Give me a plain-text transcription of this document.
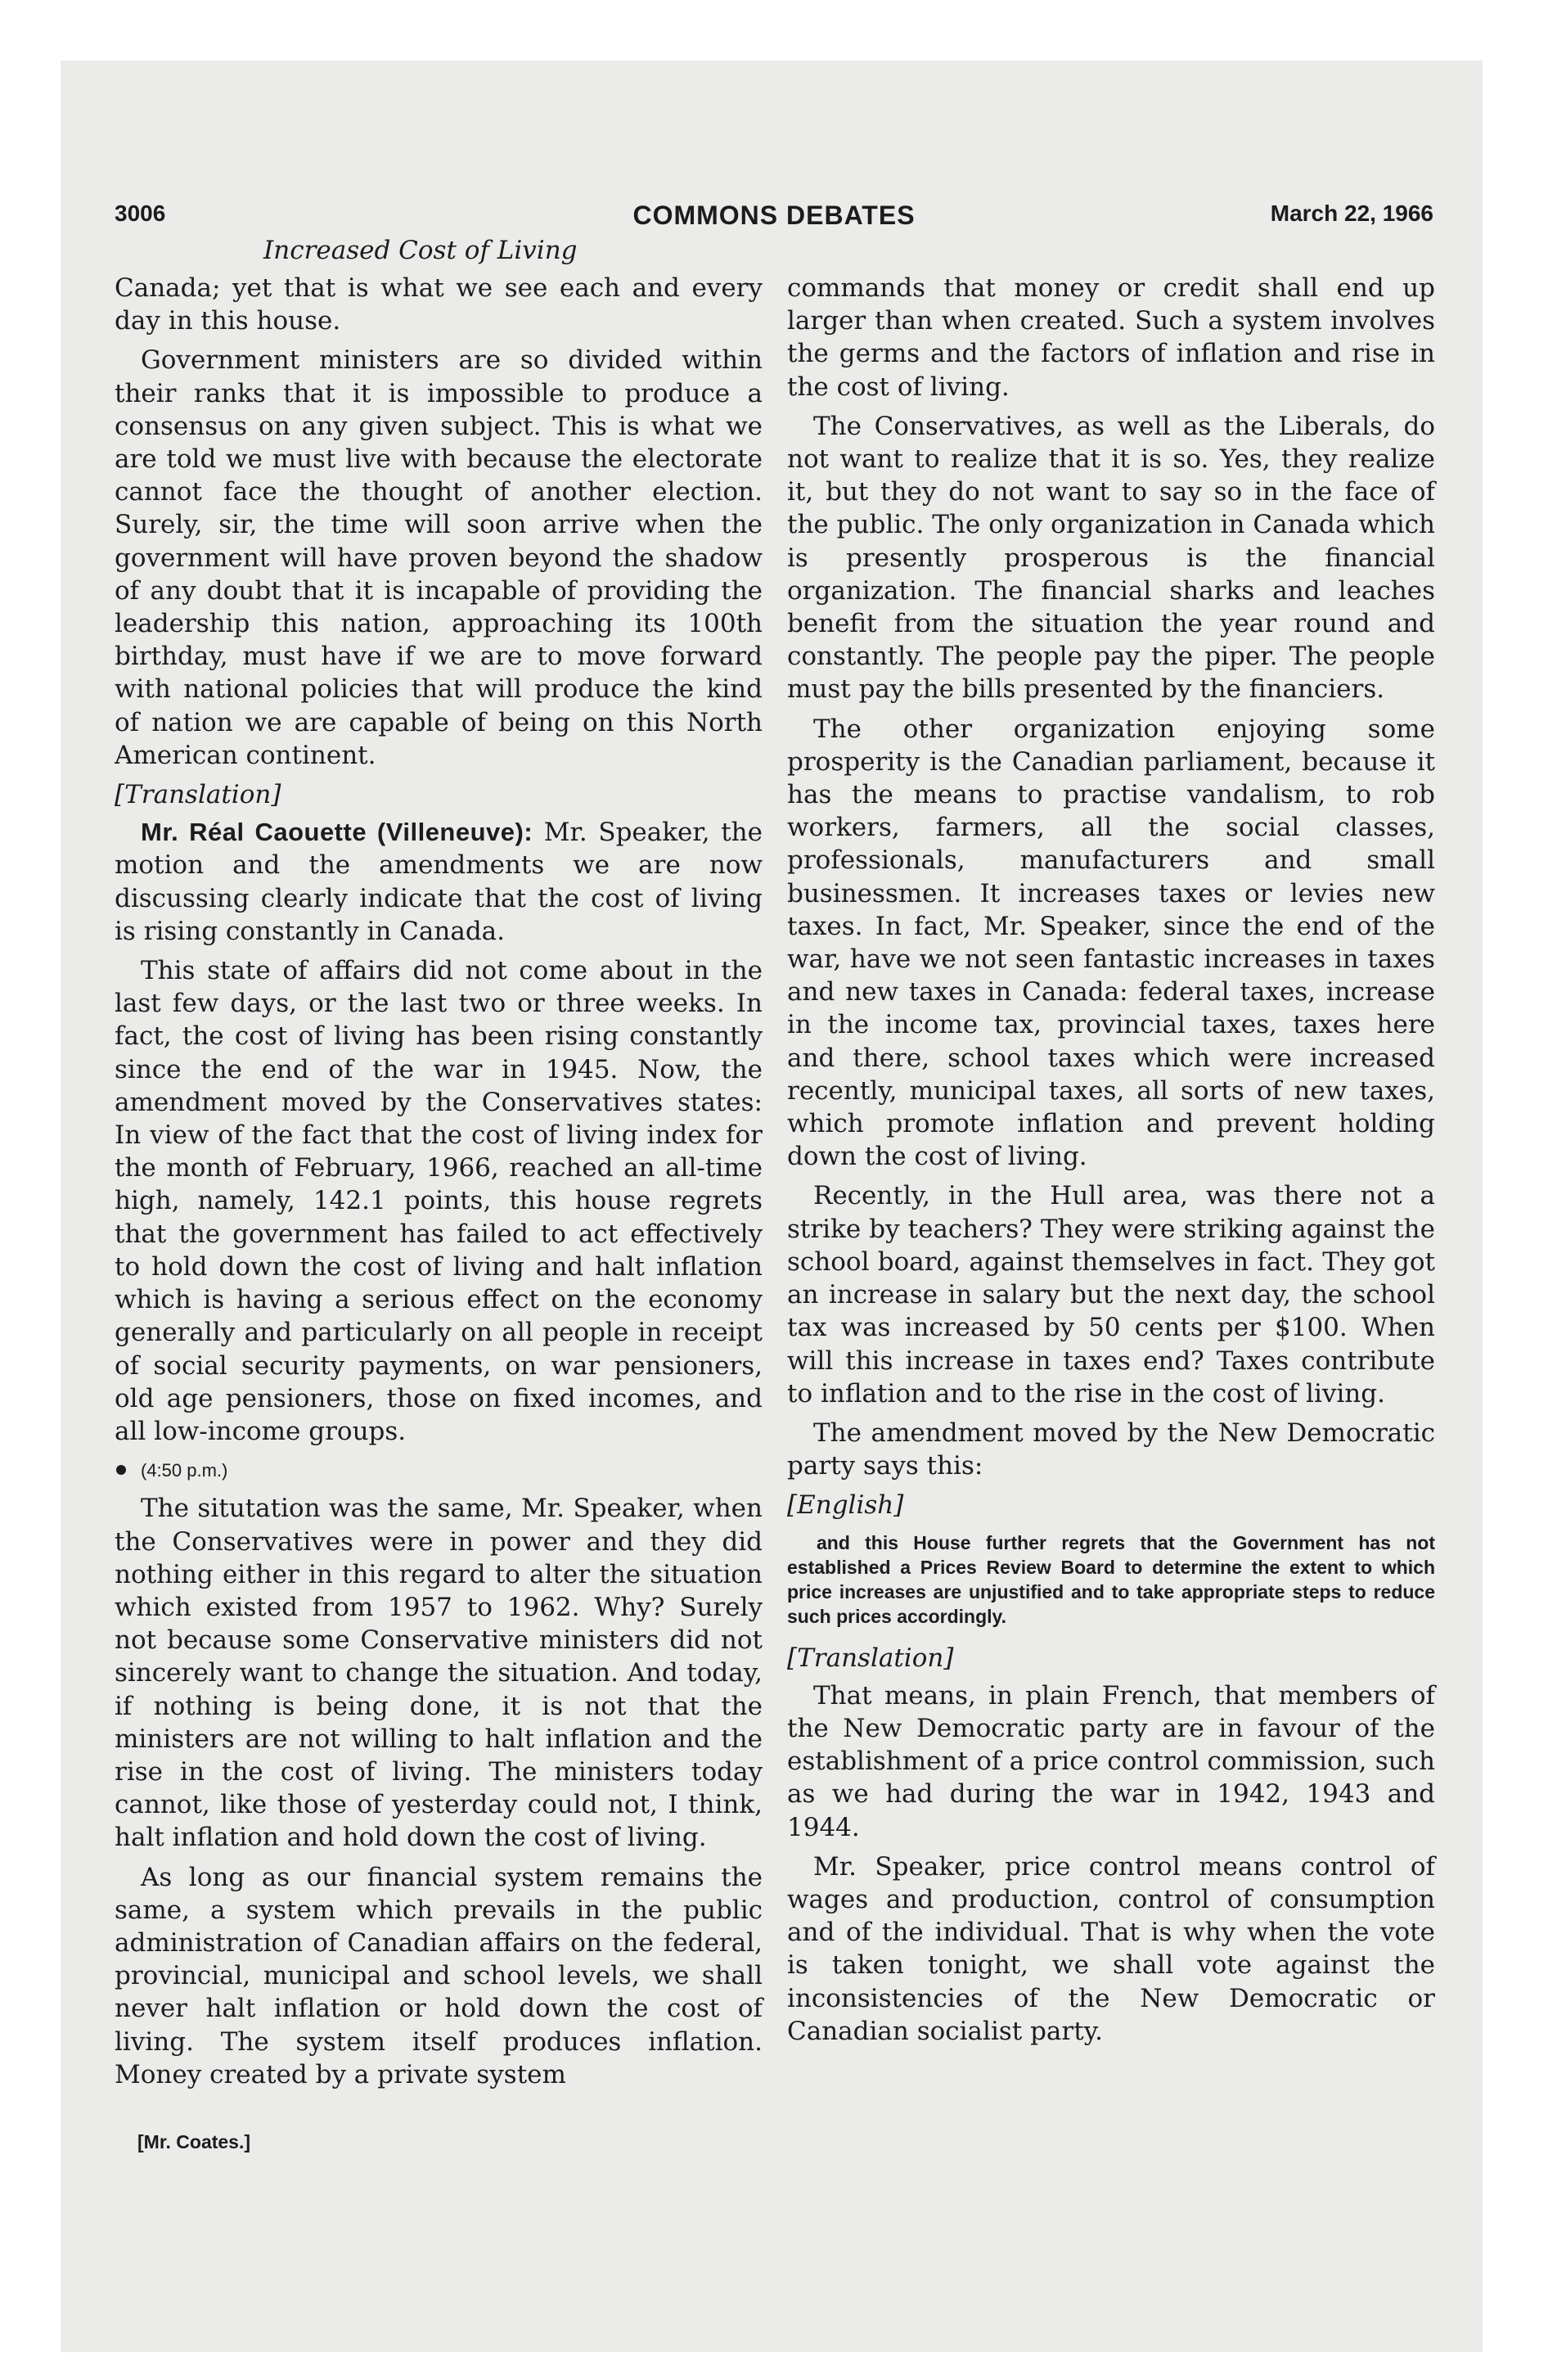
3006	COMMONS DEBATES	March 22, 1966
Increased Cost of Living

Canada; yet that is what we see each and every day in this house.

Government ministers are so divided within their ranks that it is impossible to produce a consensus on any given subject. This is what we are told we must live with because the electorate cannot face the thought of another election. Surely, sir, the time will soon arrive when the government will have proven beyond the shadow of any doubt that it is incapable of providing the leadership this nation, approaching its 100th birthday, must have if we are to move forward with national policies that will produce the kind of nation we are capable of being on this North American continent.

[Translation]

Mr. Réal Caouette (Villeneuve): Mr. Speaker, the motion and the amendments we are now discussing clearly indicate that the cost of living is rising constantly in Canada.

This state of affairs did not come about in the last few days, or the last two or three weeks. In fact, the cost of living has been rising constantly since the end of the war in 1945. Now, the amendment moved by the Conservatives states: In view of the fact that the cost of living index for the month of February, 1966, reached an all-time high, namely, 142.1 points, this house regrets that the government has failed to act effectively to hold down the cost of living and halt inflation which is having a serious effect on the economy generally and particularly on all people in receipt of social security payments, on war pensioners, old age pensioners, those on fixed incomes, and all low-income groups.

(4:50 p.m.)

The situtation was the same, Mr. Speaker, when the Conservatives were in power and they did nothing either in this regard to alter the situation which existed from 1957 to 1962. Why? Surely not because some Conservative ministers did not sincerely want to change the situation. And today, if nothing is being done, it is not that the ministers are not willing to halt inflation and the rise in the cost of living. The ministers today cannot, like those of yesterday could not, I think, halt inflation and hold down the cost of living.

As long as our financial system remains the same, a system which prevails in the public administration of Canadian affairs on the federal, provincial, municipal and school levels, we shall never halt inflation or hold down the cost of living. The system itself produces inflation. Money created by a private system

commands that money or credit shall end up larger than when created. Such a system involves the germs and the factors of inflation and rise in the cost of living.

The Conservatives, as well as the Liberals, do not want to realize that it is so. Yes, they realize it, but they do not want to say so in the face of the public. The only organization in Canada which is presently prosperous is the financial organization. The financial sharks and leaches benefit from the situation the year round and constantly. The people pay the piper. The people must pay the bills presented by the financiers.

The other organization enjoying some prosperity is the Canadian parliament, because it has the means to practise vandalism, to rob workers, farmers, all the social classes, professionals, manufacturers and small businessmen. It increases taxes or levies new taxes. In fact, Mr. Speaker, since the end of the war, have we not seen fantastic increases in taxes and new taxes in Canada: federal taxes, increase in the income tax, provincial taxes, taxes here and there, school taxes which were increased recently, municipal taxes, all sorts of new taxes, which promote inflation and prevent holding down the cost of living.

Recently, in the Hull area, was there not a strike by teachers? They were striking against the school board, against themselves in fact. They got an increase in salary but the next day, the school tax was increased by 50 cents per $100. When will this increase in taxes end? Taxes contribute to inflation and to the rise in the cost of living.

The amendment moved by the New Democratic party says this:

[English]

and this House further regrets that the Government has not established a Prices Review Board to determine the extent to which price increases are unjustified and to take appropriate steps to reduce such prices accordingly.

[Translation]

That means, in plain French, that members of the New Democratic party are in favour of the establishment of a price control commission, such as we had during the war in 1942, 1943 and 1944.

Mr. Speaker, price control means control of wages and production, control of consumption and of the individual. That is why when the vote is taken tonight, we shall vote against the inconsistencies of the New Democratic or Canadian socialist party.

[Mr. Coates.]
